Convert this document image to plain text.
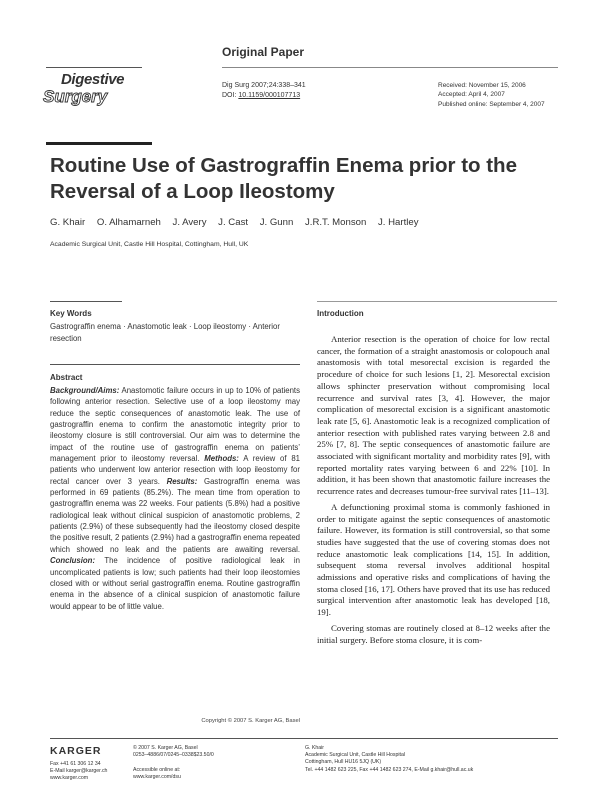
Original Paper
Digestive
Surgery
Dig Surg 2007;24:338–341
DOI: 10.1159/000107713
Received: November 15, 2006
Accepted: April 4, 2007
Published online: September 4, 2007
Routine Use of Gastrograffin Enema prior to the Reversal of a Loop Ileostomy
G. Khair O. Alhamarneh J. Avery J. Cast J. Gunn J.R.T. Monson J. Hartley
Academic Surgical Unit, Castle Hill Hospital, Cottingham, Hull, UK
Key Words
Gastrograffin enema · Anastomotic leak · Loop ileostomy · Anterior resection
Abstract

Background/Aims: Anastomotic failure occurs in up to 10% of patients following anterior resection. Selective use of a loop ileostomy may reduce the septic consequences of anastomotic leak. The use of gastrograffin enema to confirm the anastomotic integrity prior to ileostomy closure is still controversial. Our aim was to determine the impact of the routine use of gastrograffin enema on patients’ management prior to ileostomy reversal. Methods: A review of 81 patients who underwent low anterior resection with loop ileostomy for rectal cancer over 3 years. Results: Gastrograffin enema was performed in 69 patients (85.2%). The mean time from operation to gastrograffin enema was 22 weeks. Four patients (5.8%) had a positive radiological leak without clinical suspicion of anastomotic problems, 2 patients (2.9%) of these subsequently had the ileostomy closed despite the positive result, 2 patients (2.9%) had a gastrograffin enema repeated which showed no leak and the patients are awaiting reversal. Conclusion: The incidence of positive radiological leak in uncomplicated patients is low; such patients had their loop ileostomies closed with or without serial gastrograffin enema. Routine gastrograffin enema in the absence of a clinical suspicion of anastomotic failure would appear to be of little value.

Copyright © 2007 S. Karger AG, Basel
Introduction

Anterior resection is the operation of choice for low rectal cancer, the formation of a straight anastomosis or colopouch anal anastomosis with total mesorectal excision is regarded the procedure of choice for such lesions [1, 2]. Mesorectal excision allows sphincter preservation without compromising local recurrence and survival rates [3, 4]. However, the major complication of mesorectal excision is a significant anastomotic leak rate [5, 6]. Anastomotic leak is a recognized complication of anterior resection with published rates varying between 2.8 and 25% [7, 8]. The septic consequences of anastomotic failure are associated with significant mortality and morbidity rates [9], with reported mortality rates varying between 6 and 22% [10]. In addition, it has been shown that anastomotic failure increases the recurrence rates and decreases tumour-free survival rates [11–13].

A defunctioning proximal stoma is commonly fashioned in order to mitigate against the septic consequences of anastomotic failure. However, its formation is still controversial, so that some studies have suggested that the use of covering stomas does not reduce anastomotic leak complications [14, 15]. In addition, subsequent stoma reversal involves additional hospital admissions and operative risks and complications of having the stoma closed [16, 17]. Others have proved that its use has reduced surgical intervention after anastomotic leak has developed [18, 19].

Covering stomas are routinely closed at 8–12 weeks after the initial surgery. Before stoma closure, it is com-

KARGER
Fax +41 61 306 12 34
E-Mail karger@karger.ch
www.karger.com
© 2007 S. Karger AG, Basel
0253–4886/07/0245–0338$23.50/0

Accessible online at:
www.karger.com/dsu
G. Khair
Academic Surgical Unit, Castle Hill Hospital
Cottingham, Hull HU16 5JQ (UK)
Tel. +44 1482 623 225, Fax +44 1482 623 274, E-Mail g.khair@hull.ac.uk
